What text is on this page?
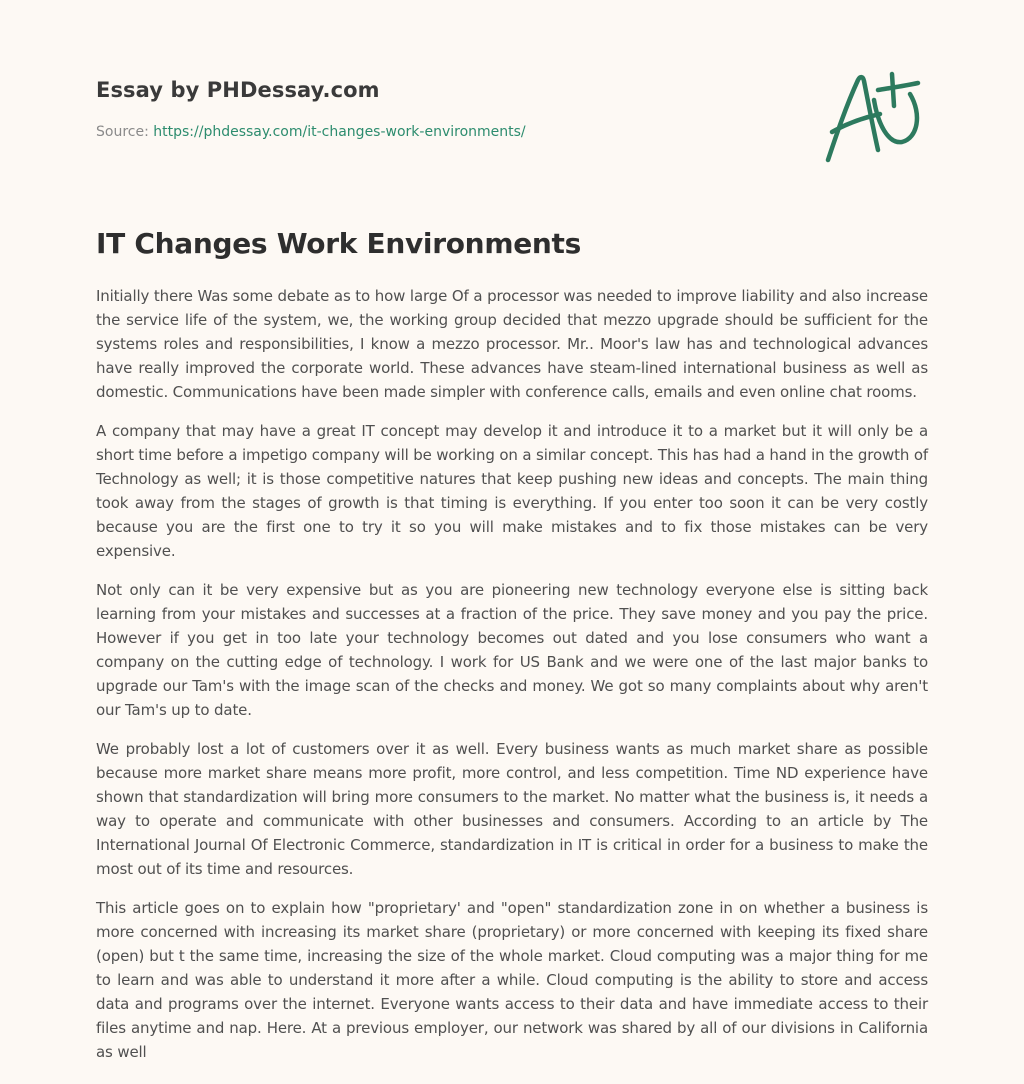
Essay by PHDessay.com
Source: https://phdessay.com/it-changes-work-environments/
IT Changes Work Environments

Initially there Was some debate as to how large Of a processor was needed to improve liability and also increase the service life of the system, we, the working group decided that mezzo upgrade should be sufficient for the systems roles and responsibilities, I know a mezzo processor. Mr.. Moor's law has and technological advances have really improved the corporate world. These advances have steam-lined international business as well as domestic. Communications have been made simpler with conference calls, emails and even online chat rooms.

A company that may have a great IT concept may develop it and introduce it to a market but it will only be a short time before a impetigo company will be working on a similar concept. This has had a hand in the growth of Technology as well; it is those competitive natures that keep pushing new ideas and concepts. The main thing took away from the stages of growth is that timing is everything. If you enter too soon it can be very costly because you are the first one to try it so you will make mistakes and to fix those mistakes can be very expensive.

Not only can it be very expensive but as you are pioneering new technology everyone else is sitting back learning from your mistakes and successes at a fraction of the price. They save money and you pay the price. However if you get in too late your technology becomes out dated and you lose consumers who want a company on the cutting edge of technology. I work for US Bank and we were one of the last major banks to upgrade our Tam's with the image scan of the checks and money. We got so many complaints about why aren't our Tam's up to date.

We probably lost a lot of customers over it as well. Every business wants as much market share as possible because more market share means more profit, more control, and less competition. Time ND experience have shown that standardization will bring more consumers to the market. No matter what the business is, it needs a way to operate and communicate with other businesses and consumers. According to an article by The International Journal Of Electronic Commerce, standardization in IT is critical in order for a business to make the most out of its time and resources.

This article goes on to explain how "proprietary' and "open" standardization zone in on whether a business is more concerned with increasing its market share (proprietary) or more concerned with keeping its fixed share (open) but t the same time, increasing the size of the whole market. Cloud computing was a major thing for me to learn and was able to understand it more after a while. Cloud computing is the ability to store and access data and programs over the internet. Everyone wants access to their data and have immediate access to their files anytime and nap. Here. At a previous employer, our network was shared by all of our divisions in California as well
